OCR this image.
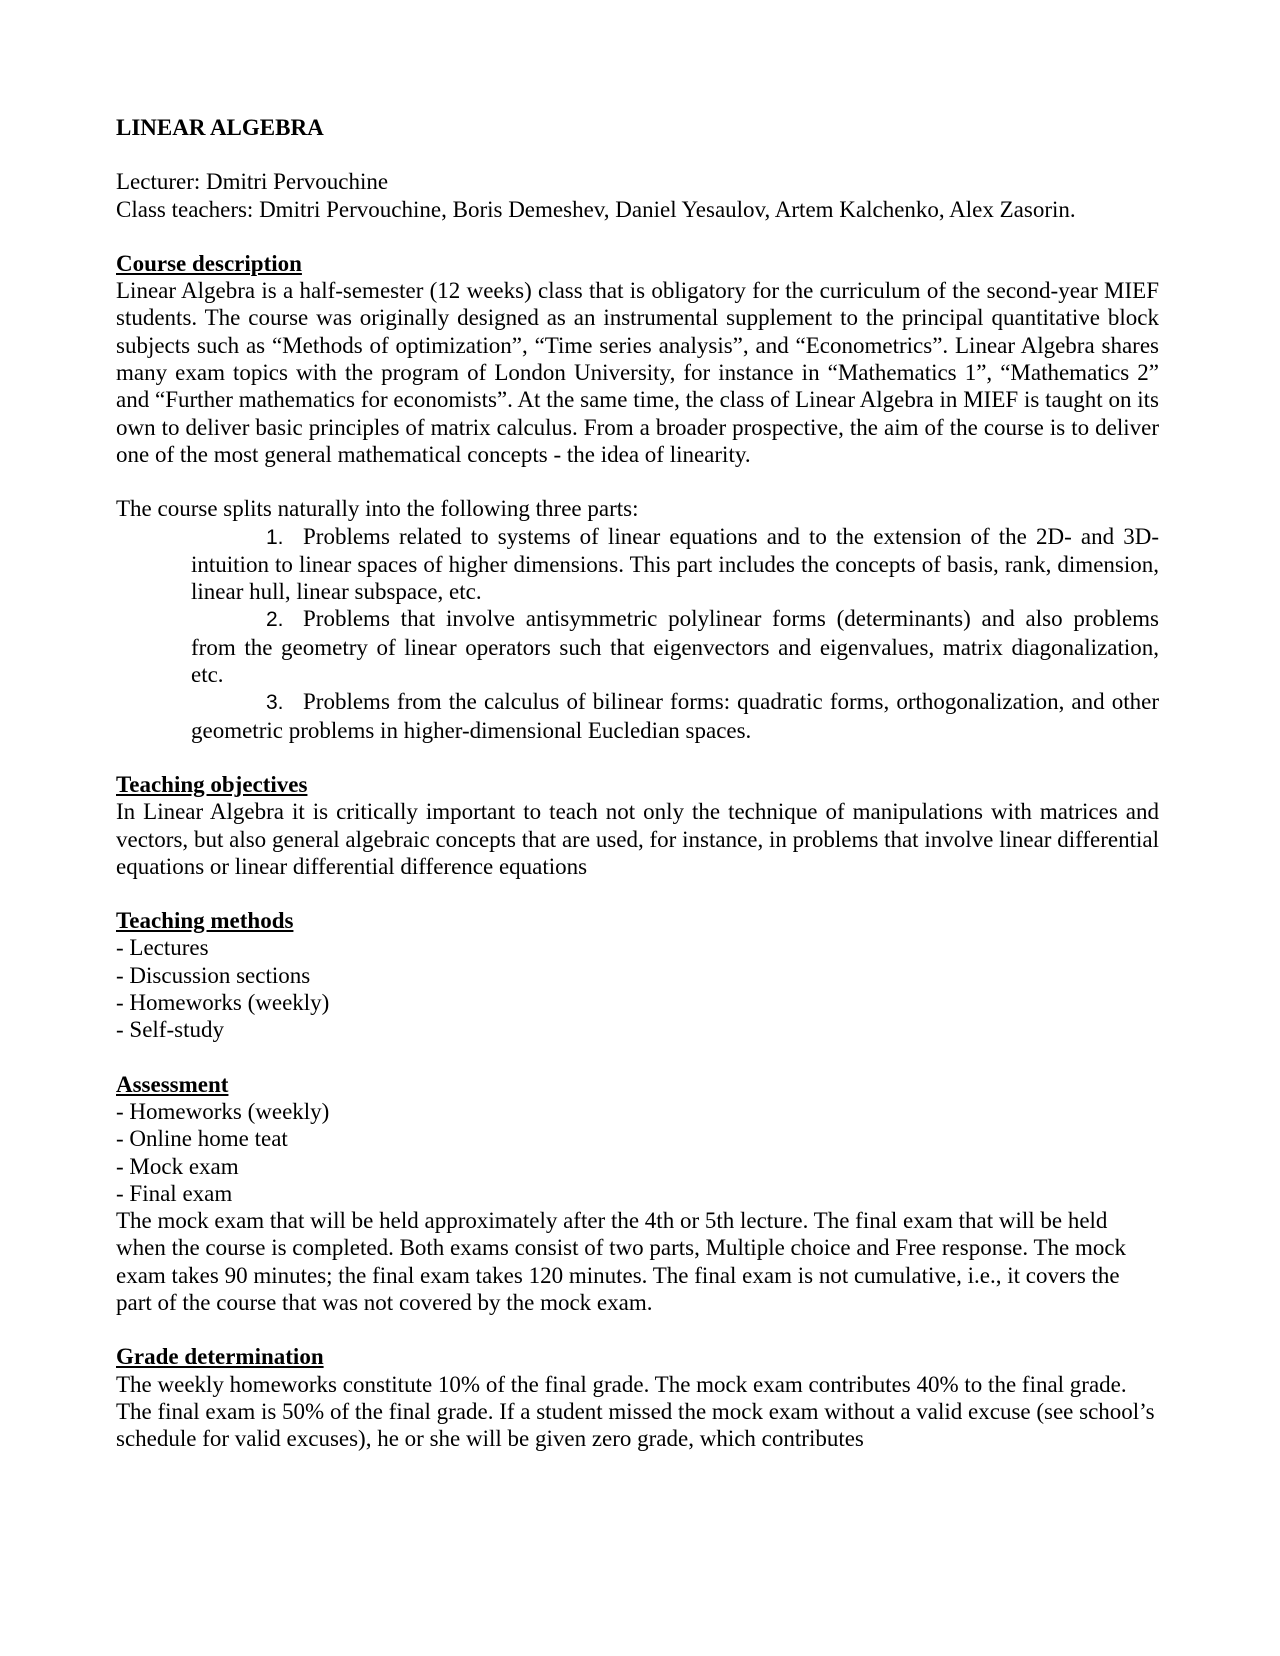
LINEAR ALGEBRA

Lecturer: Dmitri Pervouchine

Class teachers: Dmitri Pervouchine, Boris Demeshev, Daniel Yesaulov, Artem Kalchenko, Alex Zasorin.

Course description

Linear Algebra is a half-semester (12 weeks) class that is obligatory for the curriculum of the second-year MIEF students. The course was originally designed as an instrumental supplement to the principal quantitative block subjects such as “Methods of optimization”, “Time series analysis”, and “Econometrics”. Linear Algebra shares many exam topics with the program of London University, for instance in “Mathematics 1”, “Mathematics 2” and “Further mathematics for economists”. At the same time, the class of Linear Algebra in MIEF is taught on its own to deliver basic principles of matrix calculus. From a broader prospective, the aim of the course is to deliver one of the most general mathematical concepts - the idea of linearity.

The course splits naturally into the following three parts:

1. Problems related to systems of linear equations and to the extension of the 2D- and 3D-intuition to linear spaces of higher dimensions. This part includes the concepts of basis, rank, dimension, linear hull, linear subspace, etc.
2. Problems that involve antisymmetric polylinear forms (determinants) and also problems from the geometry of linear operators such that eigenvectors and eigenvalues, matrix diagonalization, etc.
3. Problems from the calculus of bilinear forms: quadratic forms, orthogonalization, and other geometric problems in higher-dimensional Eucledian spaces.

Teaching objectives

In Linear Algebra it is critically important to teach not only the technique of manipulations with matrices and vectors, but also general algebraic concepts that are used, for instance, in problems that involve linear differential equations or linear differential difference equations

Teaching methods

- Lectures
- Discussion sections
- Homeworks (weekly)
- Self-study

Assessment

- Homeworks (weekly)
- Online home teat
- Mock exam
- Final exam

The mock exam that will be held approximately after the 4th or 5th lecture. The final exam that will be held when the course is completed. Both exams consist of two parts, Multiple choice and Free response. The mock exam takes 90 minutes; the final exam takes 120 minutes. The final exam is not cumulative, i.e., it covers the part of the course that was not covered by the mock exam.

Grade determination

The weekly homeworks constitute 10% of the final grade. The mock exam contributes 40% to the final grade. The final exam is 50% of the final grade. If a student missed the mock exam without a valid excuse (see school’s schedule for valid excuses), he or she will be given zero grade, which contributes
